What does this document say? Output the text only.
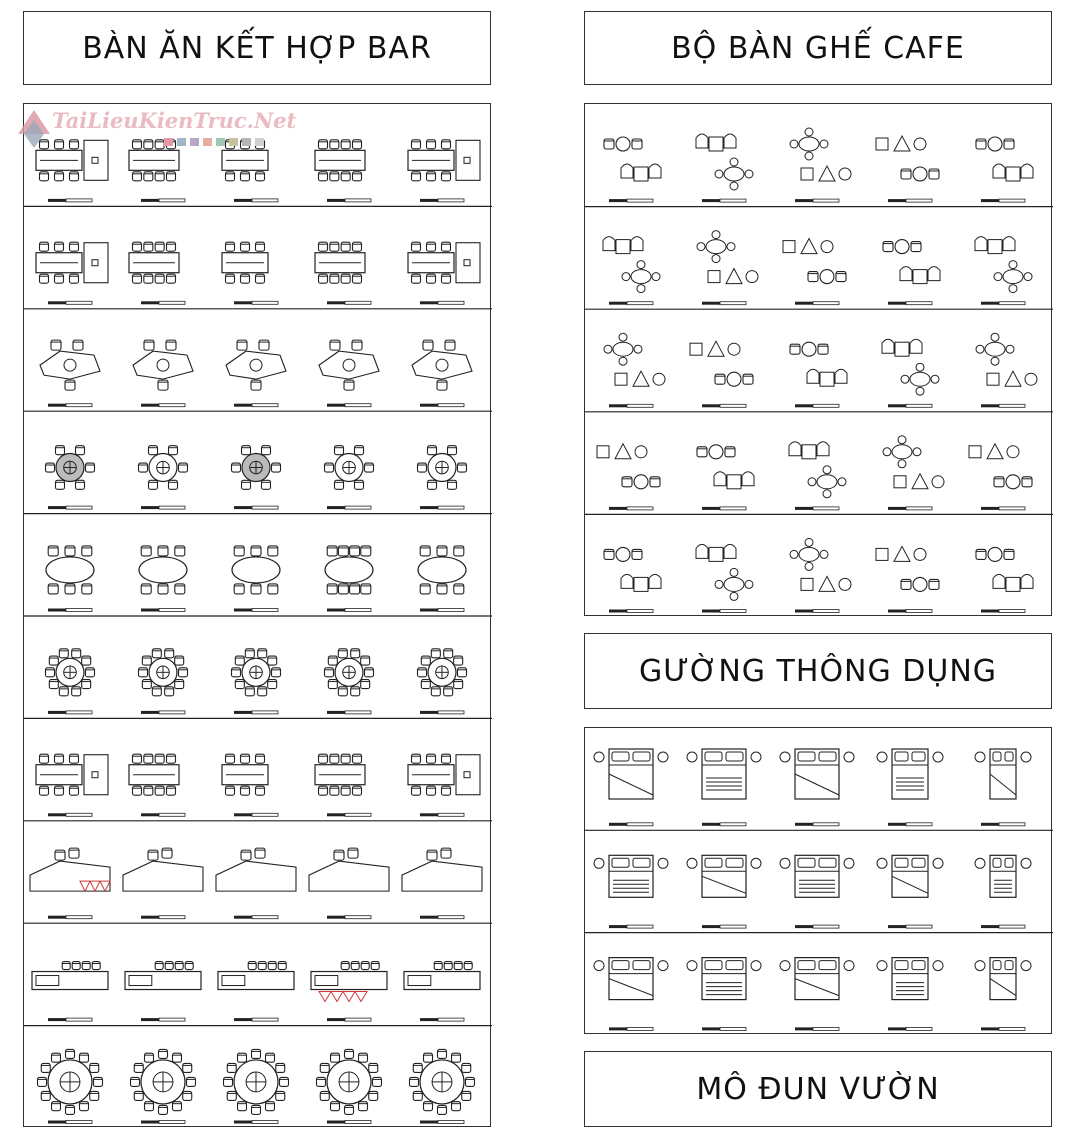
BÀN ĂN KẾT HỢP BAR	BỘ BÀN GHẾ CAFE
GƯỜNG THÔNG DỤNG
MÔ ĐUN VƯỜN
TaiLieuKienTruc.Net
